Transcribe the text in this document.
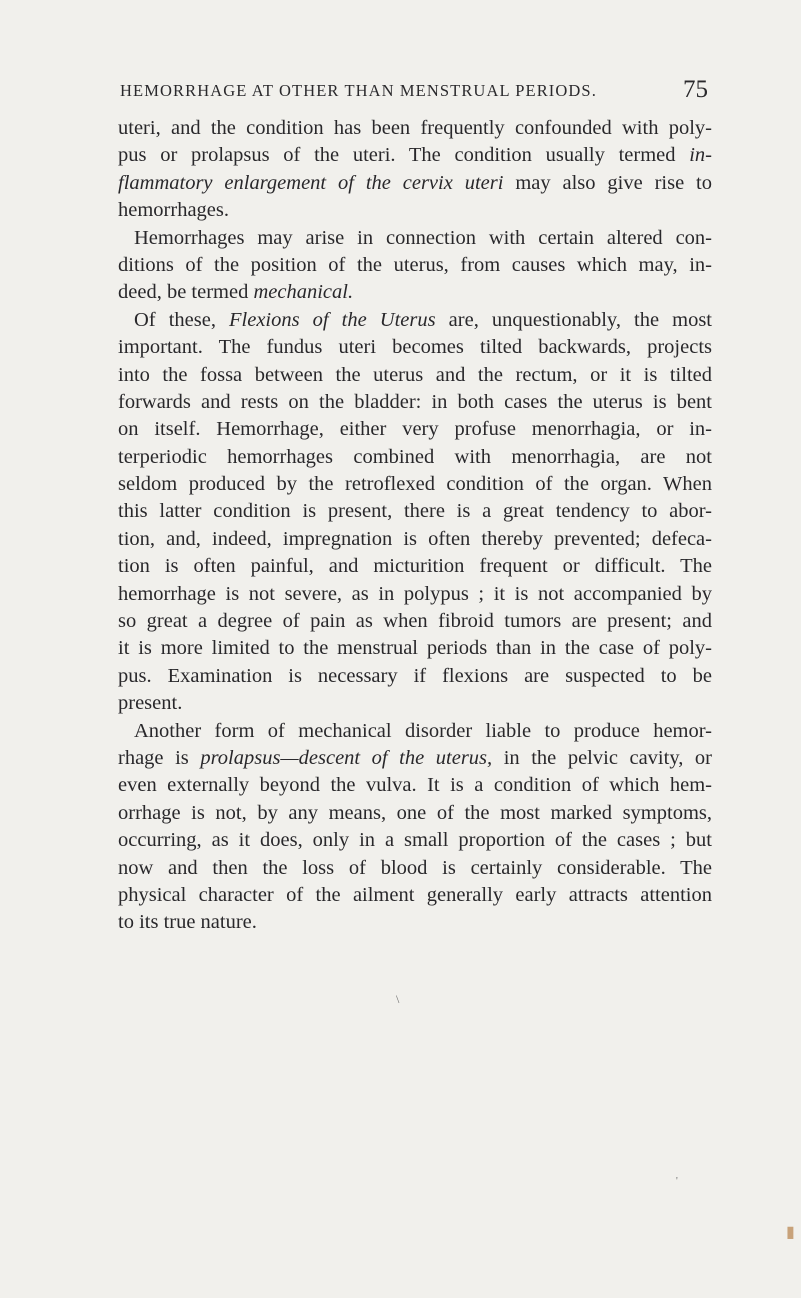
HEMORRHAGE AT OTHER THAN MENSTRUAL PERIODS.	75
uteri, and the condition has been frequently confounded with poly-
pus or prolapsus of the uteri. The condition usually termed in-
flammatory enlargement of the cervix uteri may also give rise to
hemorrhages.
Hemorrhages may arise in connection with certain altered con-
ditions of the position of the uterus, from causes which may, in-
deed, be termed mechanical.
Of these, Flexions of the Uterus are, unquestionably, the most
important. The fundus uteri becomes tilted backwards, projects
into the fossa between the uterus and the rectum, or it is tilted
forwards and rests on the bladder: in both cases the uterus is bent
on itself. Hemorrhage, either very profuse menorrhagia, or in-
terperiodic hemorrhages combined with menorrhagia, are not
seldom produced by the retroflexed condition of the organ. When
this latter condition is present, there is a great tendency to abor-
tion, and, indeed, impregnation is often thereby prevented; defeca-
tion is often painful, and micturition frequent or difficult. The
hemorrhage is not severe, as in polypus ; it is not accompanied by
so great a degree of pain as when fibroid tumors are present; and
it is more limited to the menstrual periods than in the case of poly-
pus. Examination is necessary if flexions are suspected to be
present.
Another form of mechanical disorder liable to produce hemor-
rhage is prolapsus—descent of the uterus, in the pelvic cavity, or
even externally beyond the vulva. It is a condition of which hem-
orrhage is not, by any means, one of the most marked symptoms,
occurring, as it does, only in a small proportion of the cases ; but
now and then the loss of blood is certainly considerable. The
physical character of the ailment generally early attracts attention
to its true nature.
\
'
▮
